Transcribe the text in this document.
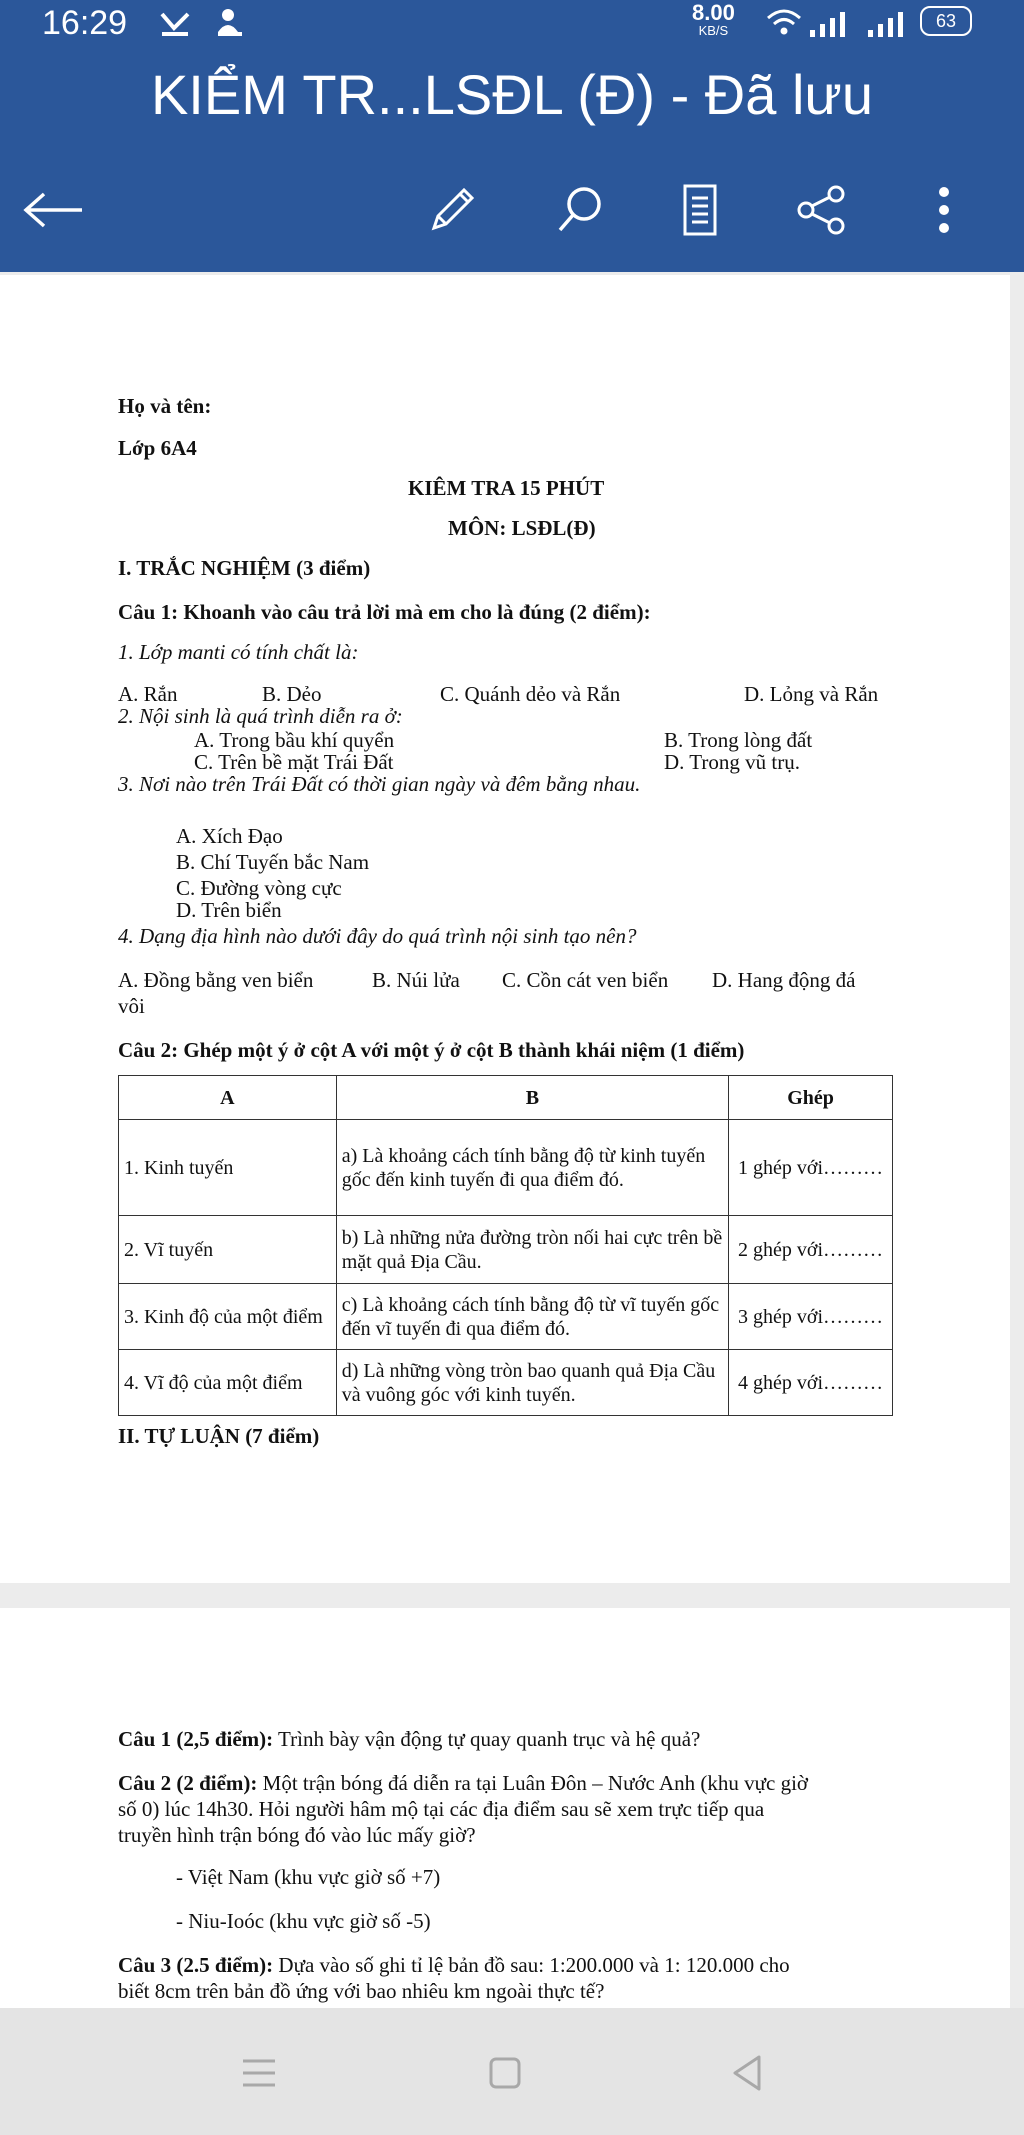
16:29	8.00
KB/S	63
KIỂM TR...LSĐL (Đ) - Đã lưu

Họ và tên:

Lớp 6A4

KIÊM TRA 15 PHÚT

MÔN: LSĐL(Đ)

I. TRẮC NGHIỆM (3 điểm)

Câu 1: Khoanh vào câu trả lời mà em cho là đúng (2 điểm):

1. Lớp manti có tính chất là:

A. Rắn	B. Dẻo	C. Quánh dẻo và Rắn	D. Lỏng và Rắn

2. Nội sinh là quá trình diễn ra ở:

A. Trong bầu khí quyển	B. Trong lòng đất

C. Trên bề mặt Trái Đất	D. Trong vũ trụ.

3. Nơi nào trên Trái Đất có thời gian ngày và đêm bằng nhau.

A. Xích Đạo

B. Chí Tuyến bắc Nam

C. Đường vòng cực

D. Trên biển

4. Dạng địa hình nào dưới đây do quá trình nội sinh tạo nên?

A. Đồng bằng ven biển	B. Núi lửa C. Cồn cát ven biển D. Hang động đá

vôi

Câu 2: Ghép một ý ở cột A với một ý ở cột B thành khái niệm (1 điểm)

A	B	Ghép
1. Kinh tuyến	a) Là khoảng cách tính bằng độ từ kinh tuyến gốc đến kinh tuyến đi qua điểm đó.	1 ghép với………
2. Vĩ tuyến	b) Là những nửa đường tròn nối hai cực trên bề mặt quả Địa Cầu.	2 ghép với………
3. Kinh độ của một điểm	c) Là khoảng cách tính bằng độ từ vĩ tuyến gốc đến vĩ tuyến đi qua điểm đó.	3 ghép với………
4. Vĩ độ của một điểm	d) Là những vòng tròn bao quanh quả Địa Cầu và vuông góc với kinh tuyến.	4 ghép với………

II. TỰ LUẬN (7 điểm)

Câu 1 (2,5 điểm): Trình bày vận động tự quay quanh trục và hệ quả?

Câu 2 (2 điểm): Một trận bóng đá diễn ra tại Luân Đôn – Nước Anh (khu vực giờ

số 0) lúc 14h30. Hỏi người hâm mộ tại các địa điểm sau sẽ xem trực tiếp qua

truyền hình trận bóng đó vào lúc mấy giờ?

- Việt Nam (khu vực giờ số +7)

- Niu-Ioóc (khu vực giờ số -5)

Câu 3 (2.5 điểm): Dựa vào số ghi tỉ lệ bản đồ sau: 1:200.000 và 1: 120.000 cho

biết 8cm trên bản đồ ứng với bao nhiêu km ngoài thực tế?
